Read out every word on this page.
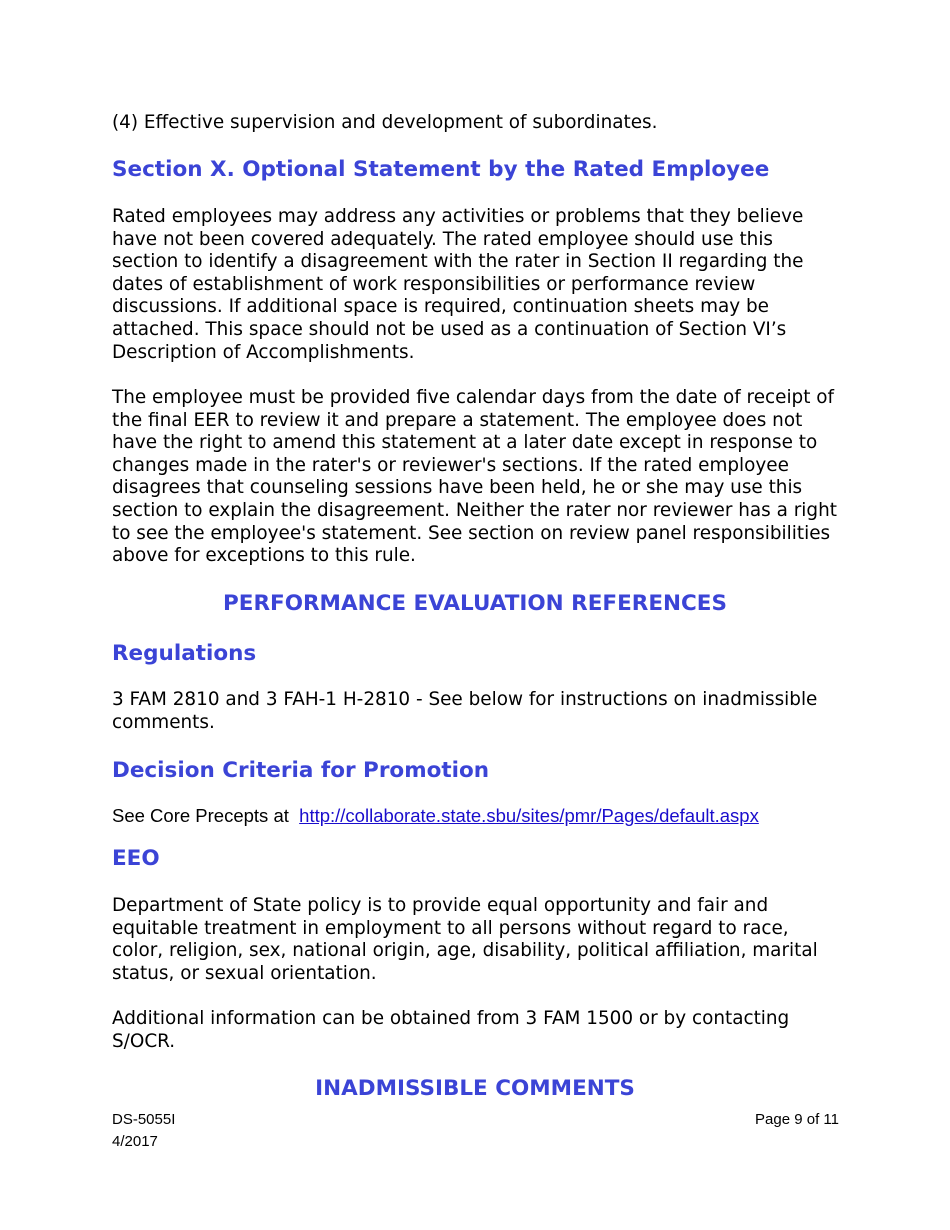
(4) Effective supervision and development of subordinates.

Section X. Optional Statement by the Rated Employee

Rated employees may address any activities or problems that they believe have not been covered adequately. The rated employee should use this section to identify a disagreement with the rater in Section II regarding the dates of establishment of work responsibilities or performance review discussions. If additional space is required, continuation sheets may be attached. This space should not be used as a continuation of Section VI’s Description of Accomplishments.

The employee must be provided five calendar days from the date of receipt of the final EER to review it and prepare a statement. The employee does not have the right to amend this statement at a later date except in response to changes made in the rater's or reviewer's sections. If the rated employee disagrees that counseling sessions have been held, he or she may use this section to explain the disagreement. Neither the rater nor reviewer has a right to see the employee's statement. See section on review panel responsibilities above for exceptions to this rule.

PERFORMANCE EVALUATION REFERENCES
Regulations

3 FAM 2810 and 3 FAH-1 H-2810 - See below for instructions on inadmissible comments.

Decision Criteria for Promotion

See Core Precepts at http://collaborate.state.sbu/sites/pmr/Pages/default.aspx

EEO

Department of State policy is to provide equal opportunity and fair and equitable treatment in employment to all persons without regard to race, color, religion, sex, national origin, age, disability, political affiliation, marital status, or sexual orientation.

Additional information can be obtained from 3 FAM 1500 or by contacting S/OCR.

INADMISSIBLE COMMENTS
DS-5055I
4/2017
Page 9 of 11
